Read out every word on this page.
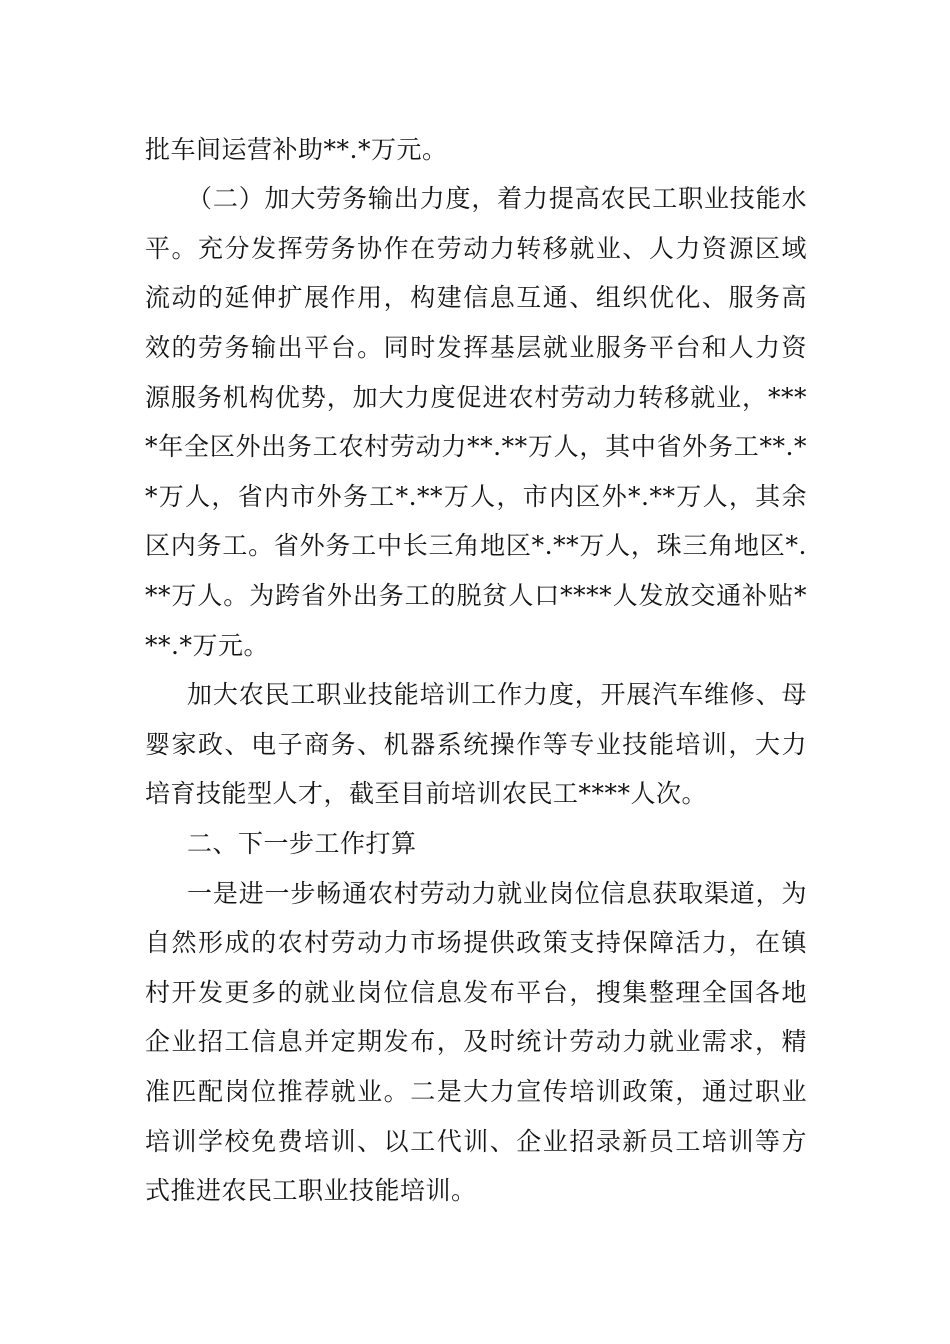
批车间运营补助**.*万元。
（二）加大劳务输出力度，着力提高农民工职业技能水
平。充分发挥劳务协作在劳动力转移就业、人力资源区域
流动的延伸扩展作用，构建信息互通、组织优化、服务高
效的劳务输出平台。同时发挥基层就业服务平台和人力资
源服务机构优势，加大力度促进农村劳动力转移就业，***
*年全区外出务工农村劳动力**.**万人，其中省外务工**.*
*万人，省内市外务工*.**万人，市内区外*.**万人，其余
区内务工。省外务工中长三角地区*.**万人，珠三角地区*.
**万人。为跨省外出务工的脱贫人口****人发放交通补贴*
**.*万元。
加大农民工职业技能培训工作力度，开展汽车维修、母
婴家政、电子商务、机器系统操作等专业技能培训，大力
培育技能型人才，截至目前培训农民工****人次。
二、下一步工作打算
一是进一步畅通农村劳动力就业岗位信息获取渠道，为
自然形成的农村劳动力市场提供政策支持保障活力，在镇
村开发更多的就业岗位信息发布平台，搜集整理全国各地
企业招工信息并定期发布，及时统计劳动力就业需求，精
准匹配岗位推荐就业。二是大力宣传培训政策，通过职业
培训学校免费培训、以工代训、企业招录新员工培训等方
式推进农民工职业技能培训。
